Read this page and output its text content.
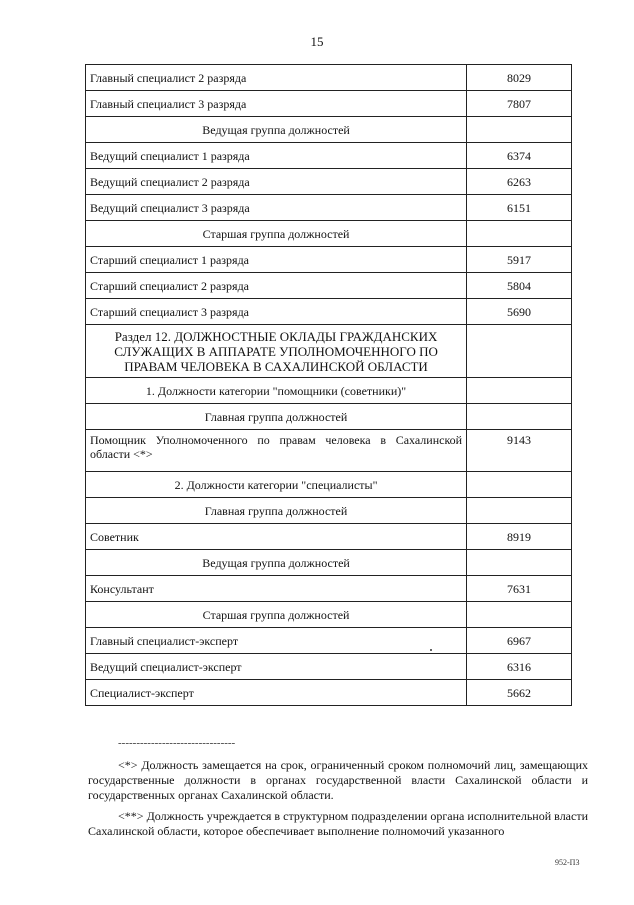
15
Главный специалист 2 разряда	8029
Главный специалист 3 разряда	7807
Ведущая группа должностей	
Ведущий специалист 1 разряда	6374
Ведущий специалист 2 разряда	6263
Ведущий специалист 3 разряда	6151
Старшая группа должностей	
Старший специалист 1 разряда	5917
Старший специалист 2 разряда	5804
Старший специалист 3 разряда	5690
Раздел 12. ДОЛЖНОСТНЫЕ ОКЛАДЫ ГРАЖДАНСКИХ СЛУЖАЩИХ В АППАРАТЕ УПОЛНОМОЧЕННОГО ПО ПРАВАМ ЧЕЛОВЕКА В САХАЛИНСКОЙ ОБЛАСТИ	
1. Должности категории "помощники (советники)"	
Главная группа должностей	
Помощник Уполномоченного по правам человека в Сахалинской области <*>	9143
2. Должности категории "специалисты"	
Главная группа должностей	
Советник	8919
Ведущая группа должностей	
Консультант	7631
Старшая группа должностей	
Главный специалист-эксперт	6967
Ведущий специалист-эксперт	6316
Специалист-эксперт	5662
--------------------------------

<*> Должность замещается на срок, ограниченный сроком полномочий лиц, замещающих государственные должности в органах государственной власти Сахалинской области и государственных органах Сахалинской области.

<**> Должность учреждается в структурном подразделении органа исполнительной власти Сахалинской области, которое обеспечивает выполнение полномочий указанного

952-П3
